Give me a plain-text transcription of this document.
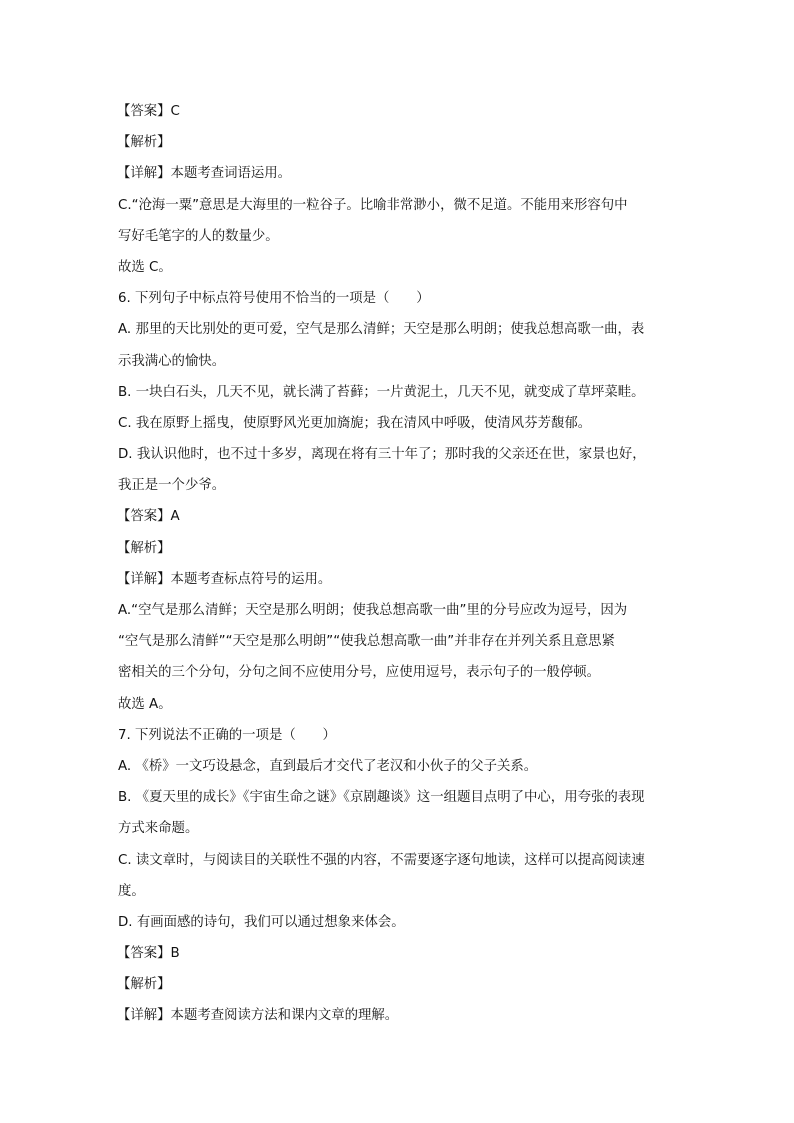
【答案】C
【解析】
【详解】本题考查词语运用。
C.“沧海一粟”意思是大海里的一粒谷子。比喻非常渺小，微不足道。不能用来形容句中
写好毛笔字的人的数量少。
故选 C。
6. 下列句子中标点符号使用不恰当的一项是（　　）
A. 那里的天比别处的更可爱，空气是那么清鲜；天空是那么明朗；使我总想高歌一曲，表
示我满心的愉快。
B. 一块白石头，几天不见，就长满了苔藓；一片黄泥土，几天不见，就变成了草坪菜畦。
C. 我在原野上摇曳，使原野风光更加旖旎；我在清风中呼吸，使清风芬芳馥郁。
D. 我认识他时，也不过十多岁，离现在将有三十年了；那时我的父亲还在世，家景也好，
我正是一个少爷。
【答案】A
【解析】
【详解】本题考查标点符号的运用。
A.“空气是那么清鲜；天空是那么明朗；使我总想高歌一曲”里的分号应改为逗号，因为
“空气是那么清鲜”“天空是那么明朗”“使我总想高歌一曲”并非存在并列关系且意思紧
密相关的三个分句，分句之间不应使用分号，应使用逗号，表示句子的一般停顿。
故选 A。
7. 下列说法不正确的一项是（　　）
A. 《桥》一文巧设悬念，直到最后才交代了老汉和小伙子的父子关系。
B. 《夏天里的成长》《宇宙生命之谜》《京剧趣谈》这一组题目点明了中心，用夸张的表现
方式来命题。
C. 读文章时，与阅读目的关联性不强的内容，不需要逐字逐句地读，这样可以提高阅读速
度。
D. 有画面感的诗句，我们可以通过想象来体会。
【答案】B
【解析】
【详解】本题考查阅读方法和课内文章的理解。
